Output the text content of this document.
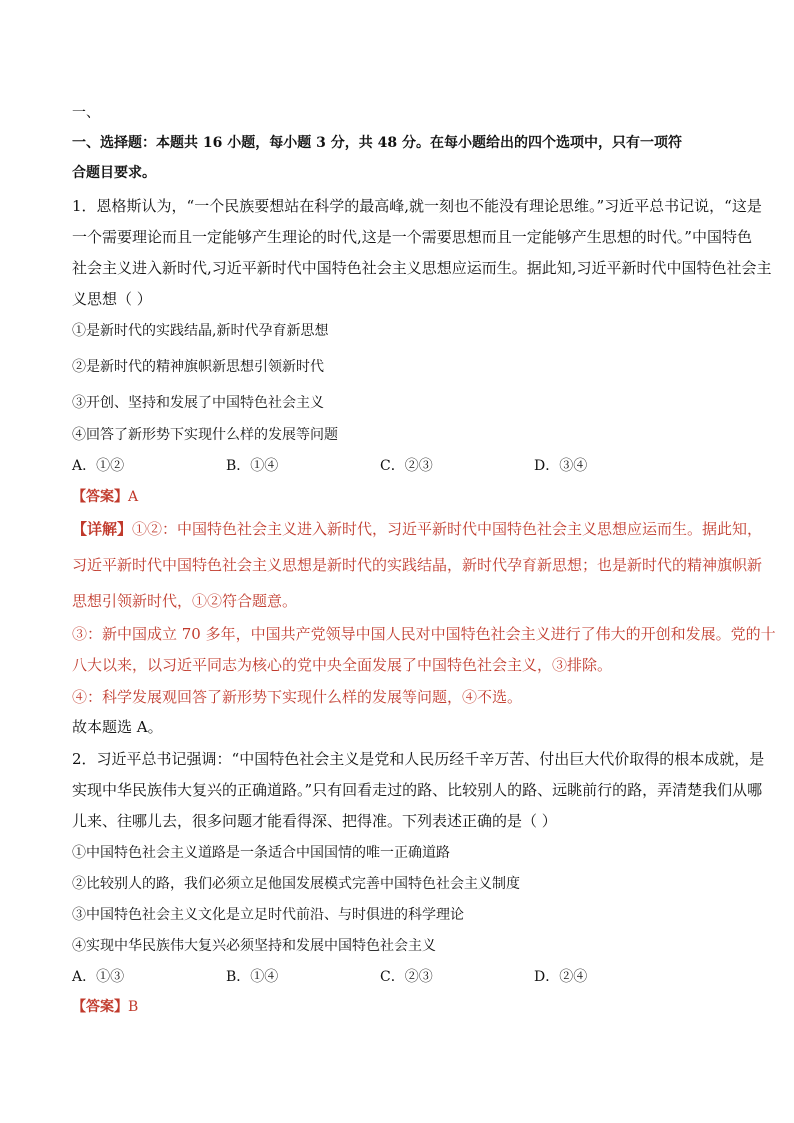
一、
一、选择题：本题共 16 小题，每小题 3 分，共 48 分。在每小题给出的四个选项中，只有一项符
合题目要求。
1．恩格斯认为，“一个民族要想站在科学的最高峰,就一刻也不能没有理论思维。”习近平总书记说，“这是
一个需要理论而且一定能够产生理论的时代,这是一个需要思想而且一定能够产生思想的时代。”中国特色
社会主义进入新时代,习近平新时代中国特色社会主义思想应运而生。据此知,习近平新时代中国特色社会主
义思想（ ）
①是新时代的实践结晶,新时代孕育新思想
②是新时代的精神旗帜新思想引领新时代
③开创、坚持和发展了中国特色社会主义
④回答了新形势下实现什么样的发展等问题
A．①②	B．①④	C．②③	D．③④
【答案】A
【详解】①②：中国特色社会主义进入新时代，习近平新时代中国特色社会主义思想应运而生。据此知，
习近平新时代中国特色社会主义思想是新时代的实践结晶，新时代孕育新思想；也是新时代的精神旗帜新
思想引领新时代，①②符合题意。
③：新中国成立 70 多年，中国共产党领导中国人民对中国特色社会主义进行了伟大的开创和发展。党的十
八大以来，以习近平同志为核心的党中央全面发展了中国特色社会主义，③排除。
④：科学发展观回答了新形势下实现什么样的发展等问题，④不选。
故本题选 A。
2．习近平总书记强调：“中国特色社会主义是党和人民历经千辛万苦、付出巨大代价取得的根本成就，是
实现中华民族伟大复兴的正确道路。”只有回看走过的路、比较别人的路、远眺前行的路，弄清楚我们从哪
儿来、往哪儿去，很多问题才能看得深、把得准。下列表述正确的是（ ）
①中国特色社会主义道路是一条适合中国国情的唯一正确道路
②比较别人的路，我们必须立足他国发展模式完善中国特色社会主义制度
③中国特色社会主义文化是立足时代前沿、与时俱进的科学理论
④实现中华民族伟大复兴必须坚持和发展中国特色社会主义
A．①③	B．①④	C．②③	D．②④
【答案】B
